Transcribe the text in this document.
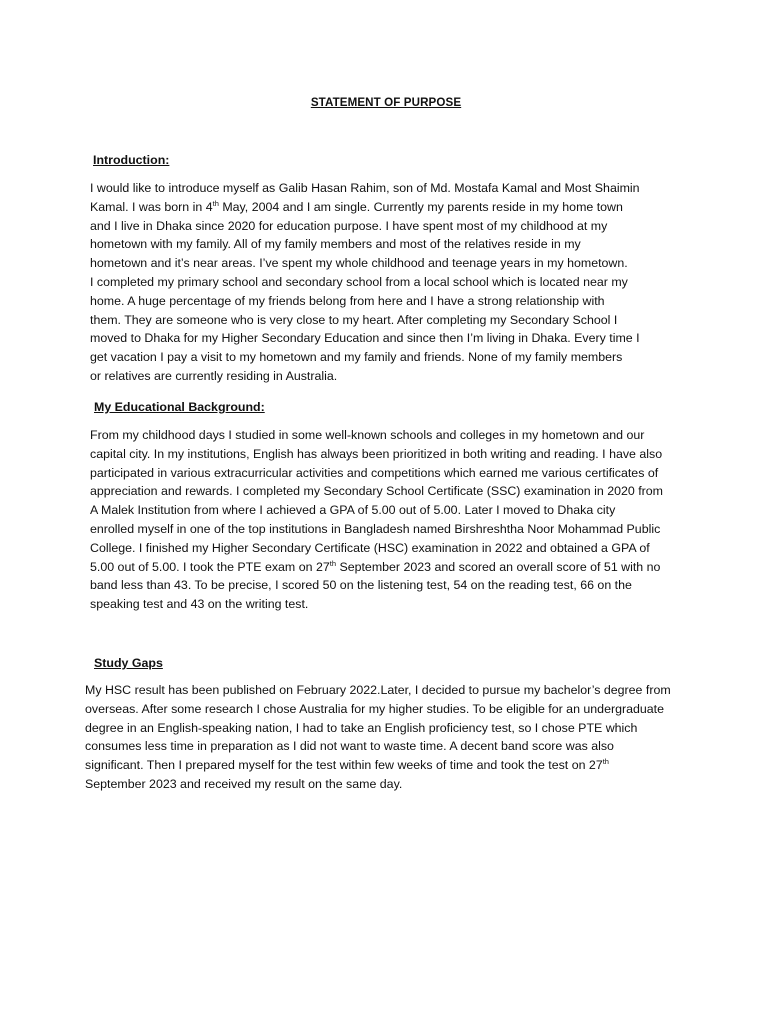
STATEMENT OF PURPOSE
Introduction:
I would like to introduce myself as Galib Hasan Rahim, son of Md. Mostafa Kamal and Most Shaimin
Kamal. I was born in 4th May, 2004 and I am single. Currently my parents reside in my home town
and I live in Dhaka since 2020 for education purpose. I have spent most of my childhood at my
hometown with my family. All of my family members and most of the relatives reside in my
hometown and it’s near areas. I’ve spent my whole childhood and teenage years in my hometown.
I completed my primary school and secondary school from a local school which is located near my
home. A huge percentage of my friends belong from here and I have a strong relationship with
them. They are someone who is very close to my heart. After completing my Secondary School I
moved to Dhaka for my Higher Secondary Education and since then I’m living in Dhaka. Every time I
get vacation I pay a visit to my hometown and my family and friends. None of my family members
or relatives are currently residing in Australia.
My Educational Background:
From my childhood days I studied in some well-known schools and colleges in my hometown and our
capital city. In my institutions, English has always been prioritized in both writing and reading. I have also
participated in various extracurricular activities and competitions which earned me various certificates of
appreciation and rewards. I completed my Secondary School Certificate (SSC) examination in 2020 from
A Malek Institution from where I achieved a GPA of 5.00 out of 5.00. Later I moved to Dhaka city
enrolled myself in one of the top institutions in Bangladesh named Birshreshtha Noor Mohammad Public
College. I finished my Higher Secondary Certificate (HSC) examination in 2022 and obtained a GPA of
5.00 out of 5.00. I took the PTE exam on 27th September 2023 and scored an overall score of 51 with no
band less than 43. To be precise, I scored 50 on the listening test, 54 on the reading test, 66 on the
speaking test and 43 on the writing test.
Study Gaps
My HSC result has been published on February 2022.Later, I decided to pursue my bachelor’s degree from
overseas. After some research I chose Australia for my higher studies. To be eligible for an undergraduate
degree in an English-speaking nation, I had to take an English proficiency test, so I chose PTE which
consumes less time in preparation as I did not want to waste time. A decent band score was also
significant. Then I prepared myself for the test within few weeks of time and took the test on 27th
September 2023 and received my result on the same day.
